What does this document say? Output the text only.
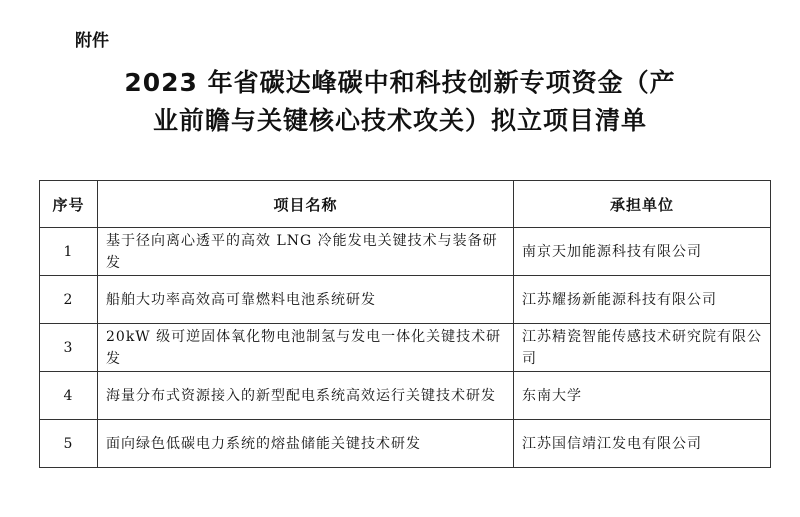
附件
2023 年省碳达峰碳中和科技创新专项资金（产
业前瞻与关键核心技术攻关）拟立项目清单
序号	项目名称	承担单位
1	基于径向离心透平的高效 LNG 冷能发电关键技术与装备研发	南京天加能源科技有限公司
2	船舶大功率高效高可靠燃料电池系统研发	江苏耀扬新能源科技有限公司
3	20kW 级可逆固体氧化物电池制氢与发电一体化关键技术研发	江苏精瓷智能传感技术研究院有限公司
4	海量分布式资源接入的新型配电系统高效运行关键技术研发	东南大学
5	面向绿色低碳电力系统的熔盐储能关键技术研发	江苏国信靖江发电有限公司
